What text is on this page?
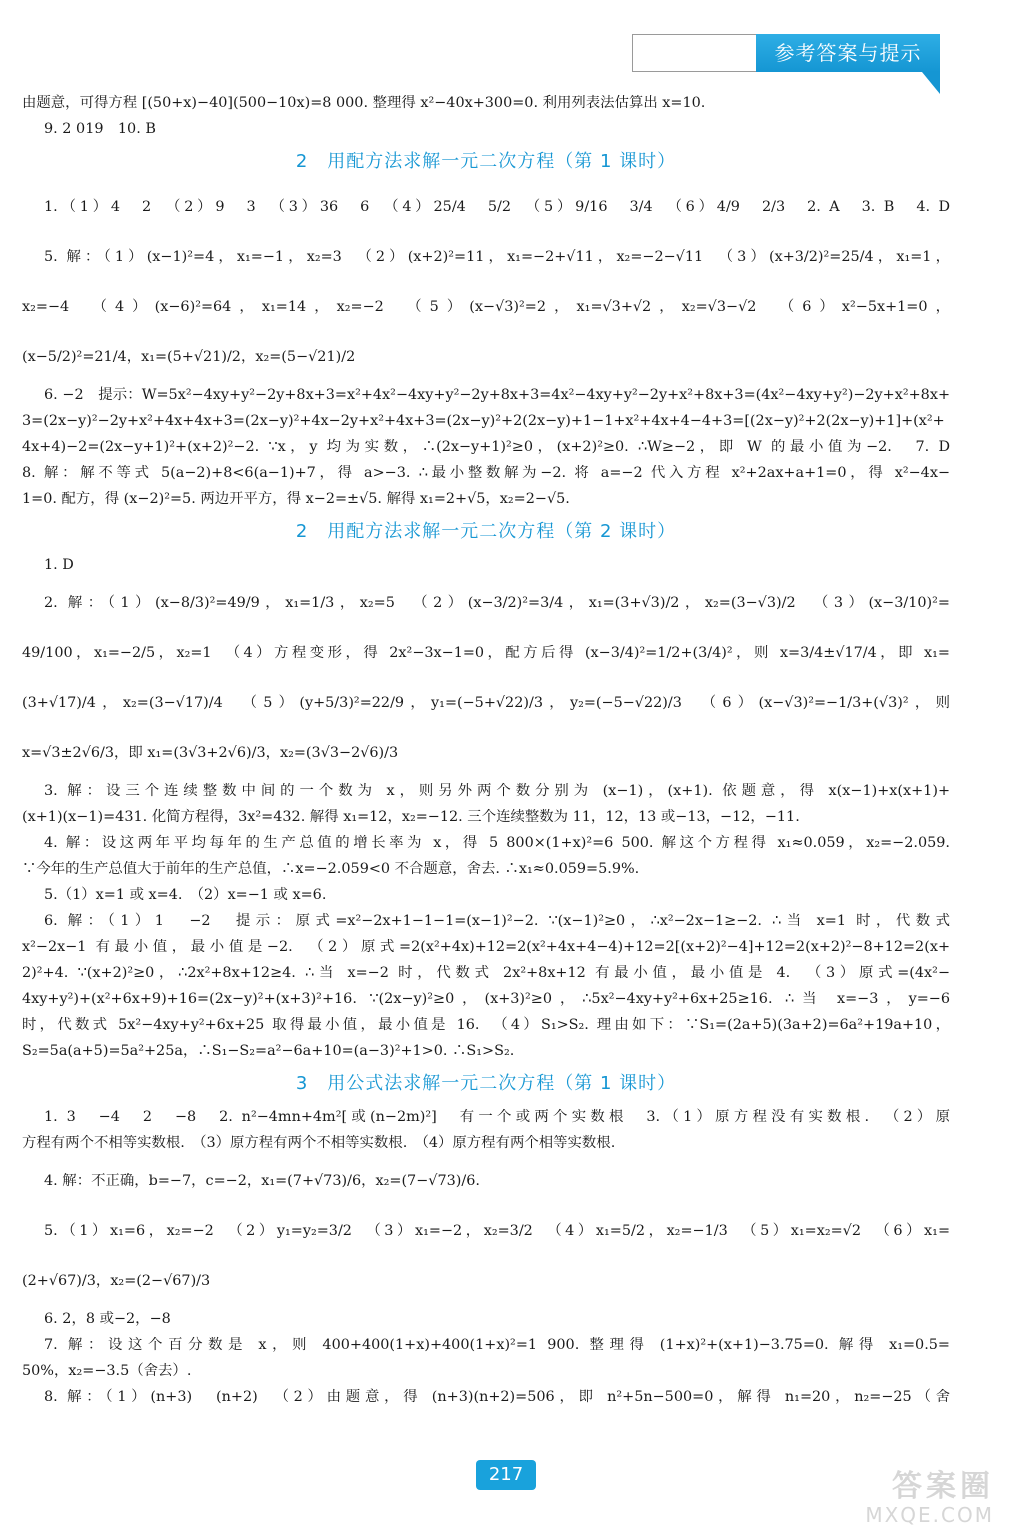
参考答案与提示
由题意，可得方程 [(50+x)−40](500−10x)=8 000. 整理得 x²−40x+300=0. 利用列表法估算出 x=10.
9. 2 019　10. B
2　用配方法求解一元二次方程（第 1 课时）
1.（1）4　2　（2）9　3　（3）36　6　（4）25/4　5/2　（5）9/16　3/4　（6）4/9　2/3　2. A　3. B　4. D
5. 解：（1）(x−1)²=4，x₁=−1，x₂=3　（2）(x+2)²=11，x₁=−2+√11，x₂=−2−√11　（3）(x+3/2)²=25/4，x₁=1，
x₂=−4　（4）(x−6)²=64，x₁=14，x₂=−2　（5）(x−√3)²=2，x₁=√3+√2，x₂=√3−√2　（6）x²−5x+1=0，
(x−5/2)²=21/4，x₁=(5+√21)/2，x₂=(5−√21)/2
6. −2　提示：W=5x²−4xy+y²−2y+8x+3=x²+4x²−4xy+y²−2y+8x+3=4x²−4xy+y²−2y+x²+8x+3=(4x²−4xy+y²)−2y+x²+8x+
3=(2x−y)²−2y+x²+4x+4x+3=(2x−y)²+4x−2y+x²+4x+3=(2x−y)²+2(2x−y)+1−1+x²+4x+4−4+3=[(2x−y)²+2(2x−y)+1]+(x²+
4x+4)−2=(2x−y+1)²+(x+2)²−2. ∵x，y 均为实数，∴(2x−y+1)²≥0，(x+2)²≥0. ∴W≥−2，即 W 的最小值为−2.　7. D
8. 解：解不等式 5(a−2)+8<6(a−1)+7，得 a>−3. ∴最小整数解为−2. 将 a=−2 代入方程 x²+2ax+a+1=0，得 x²−4x−
1=0. 配方，得 (x−2)²=5. 两边开平方，得 x−2=±√5. 解得 x₁=2+√5，x₂=2−√5.
2　用配方法求解一元二次方程（第 2 课时）
1. D
2. 解：（1）(x−8/3)²=49/9，x₁=1/3，x₂=5　（2）(x−3/2)²=3/4，x₁=(3+√3)/2，x₂=(3−√3)/2　（3）(x−3/10)²=
49/100，x₁=−2/5，x₂=1　（4）方程变形，得 2x²−3x−1=0，配方后得 (x−3/4)²=1/2+(3/4)²，则 x=3/4±√17/4，即 x₁=
(3+√17)/4，x₂=(3−√17)/4　（5）(y+5/3)²=22/9，y₁=(−5+√22)/3，y₂=(−5−√22)/3　（6）(x−√3)²=−1/3+(√3)²，则
x=√3±2√6/3，即 x₁=(3√3+2√6)/3，x₂=(3√3−2√6)/3
3. 解：设三个连续整数中间的一个数为 x，则另外两个数分别为 (x−1)，(x+1). 依题意，得 x(x−1)+x(x+1)+
(x+1)(x−1)=431. 化简方程得，3x²=432. 解得 x₁=12，x₂=−12. 三个连续整数为 11，12，13 或−13，−12，−11.
4. 解：设这两年平均每年的生产总值的增长率为 x，得 5 800×(1+x)²=6 500. 解这个方程得 x₁≈0.059，x₂=−2.059.
∵今年的生产总值大于前年的生产总值，∴x=−2.059<0 不合题意，舍去. ∴x₁≈0.059=5.9%.
5.（1）x=1 或 x=4.　（2）x=−1 或 x=6.
6. 解：（1）1　−2　提示：原式=x²−2x+1−1−1=(x−1)²−2. ∵(x−1)²≥0，∴x²−2x−1≥−2. ∴当 x=1 时，代数式
x²−2x−1 有最小值，最小值是−2.　（2）原式=2(x²+4x)+12=2(x²+4x+4−4)+12=2[(x+2)²−4]+12=2(x+2)²−8+12=2(x+
2)²+4. ∵(x+2)²≥0，∴2x²+8x+12≥4. ∴当 x=−2 时，代数式 2x²+8x+12 有最小值，最小值是 4.　（3）原式=(4x²−
4xy+y²)+(x²+6x+9)+16=(2x−y)²+(x+3)²+16. ∵(2x−y)²≥0，(x+3)²≥0，∴5x²−4xy+y²+6x+25≥16. ∴当 x=−3，y=−6
时，代数式 5x²−4xy+y²+6x+25 取得最小值，最小值是 16.　（4）S₁>S₂. 理由如下：∵S₁=(2a+5)(3a+2)=6a²+19a+10，
S₂=5a(a+5)=5a²+25a，∴S₁−S₂=a²−6a+10=(a−3)²+1>0. ∴S₁>S₂.
3　用公式法求解一元二次方程（第 1 课时）
1. 3　−4　2　−8　2. n²−4mn+4m²[或(n−2m)²]　有一个或两个实数根　3.（1）原方程没有实数根.　（2）原
方程有两个不相等实数根.　（3）原方程有两个不相等实数根.　（4）原方程有两个相等实数根.
4. 解：不正确，b=−7，c=−2，x₁=(7+√73)/6，x₂=(7−√73)/6.
5.（1）x₁=6，x₂=−2　（2）y₁=y₂=3/2　（3）x₁=−2，x₂=3/2　（4）x₁=5/2，x₂=−1/3　（5）x₁=x₂=√2　（6）x₁=
(2+√67)/3，x₂=(2−√67)/3
6. 2，8 或−2，−8
7. 解：设这个百分数是 x，则 400+400(1+x)+400(1+x)²=1 900. 整理得 (1+x)²+(x+1)−3.75=0. 解得 x₁=0.5=
50%，x₂=−3.5（舍去）.
8. 解：（1）(n+3)　(n+2)　（2）由题意，得 (n+3)(n+2)=506，即 n²+5n−500=0，解得 n₁=20，n₂=−25（舍
217	答案圈
MXQE.COM
